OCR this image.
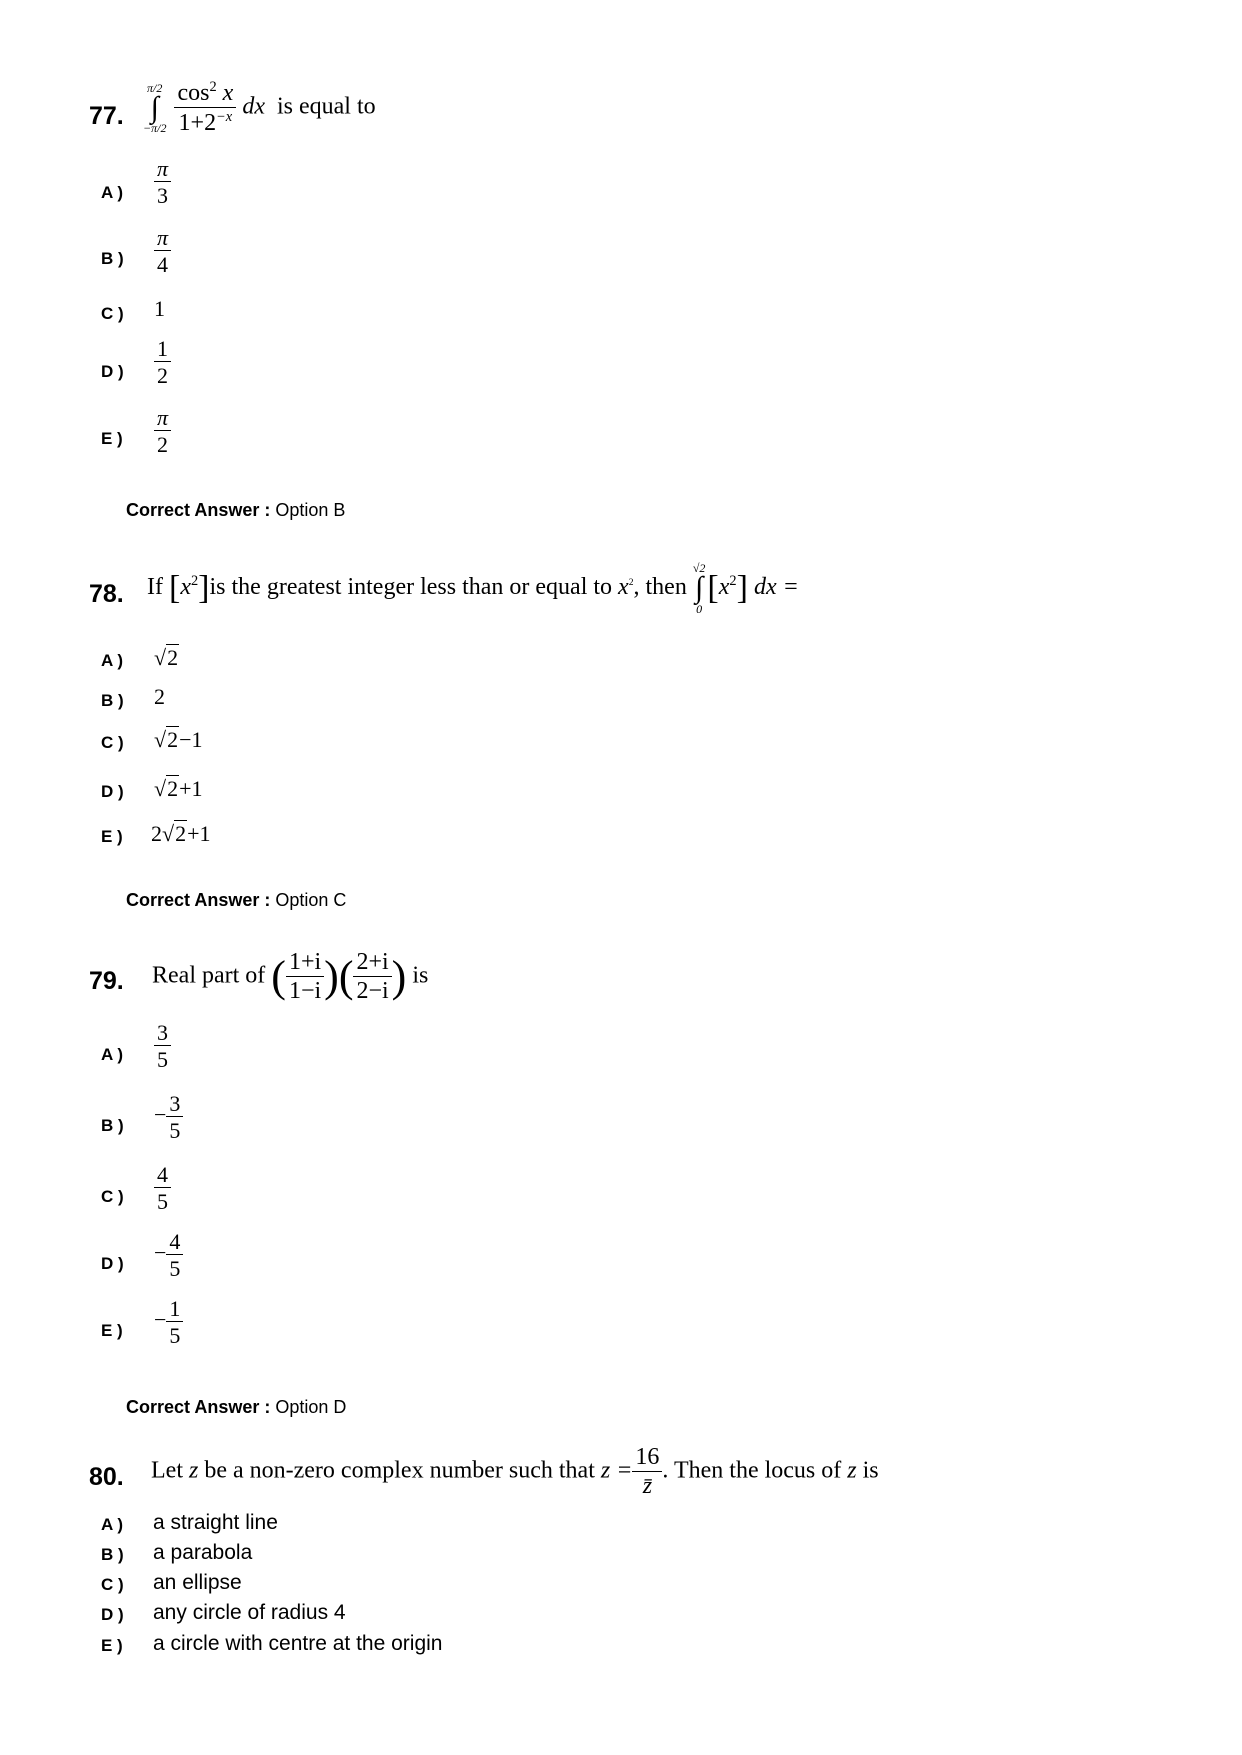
77.
π/2
∫
−π/2
$\frac{\cos^2 x}{1+2^{-x}}$ dx is equal to
A ) $\frac{\pi}{3}$
B ) $\frac{\pi}{4}$
C ) 1
D ) $\frac{1}{2}$
E ) $\frac{\pi}{2}$
Correct Answer : Option B
78. If $[x^2]is$ the greatest integer less than or equal to $x^2$, then
√2
∫
0
$[x^2]$ dx =
A ) √2
B ) 2
C ) √2−1
D ) √2+1
E ) 2√2+1
Correct Answer : Option C
79. Real part of ( $\frac{1+i}{1-i}$ )( $\frac{2+i}{2-i}$ ) is
A ) $\frac{3}{5}$
B ) − $\frac{3}{5}$
C ) $\frac{4}{5}$
D ) − $\frac{4}{5}$
E ) − $\frac{1}{5}$
Correct Answer : Option D
80. Let z be a non-zero complex number such that $z = \frac{16}{z̄}$ . Then the locus of z is
A ) a straight line
B ) a parabola
C ) an ellipse
D ) any circle of radius 4
E ) a circle with centre at the origin
